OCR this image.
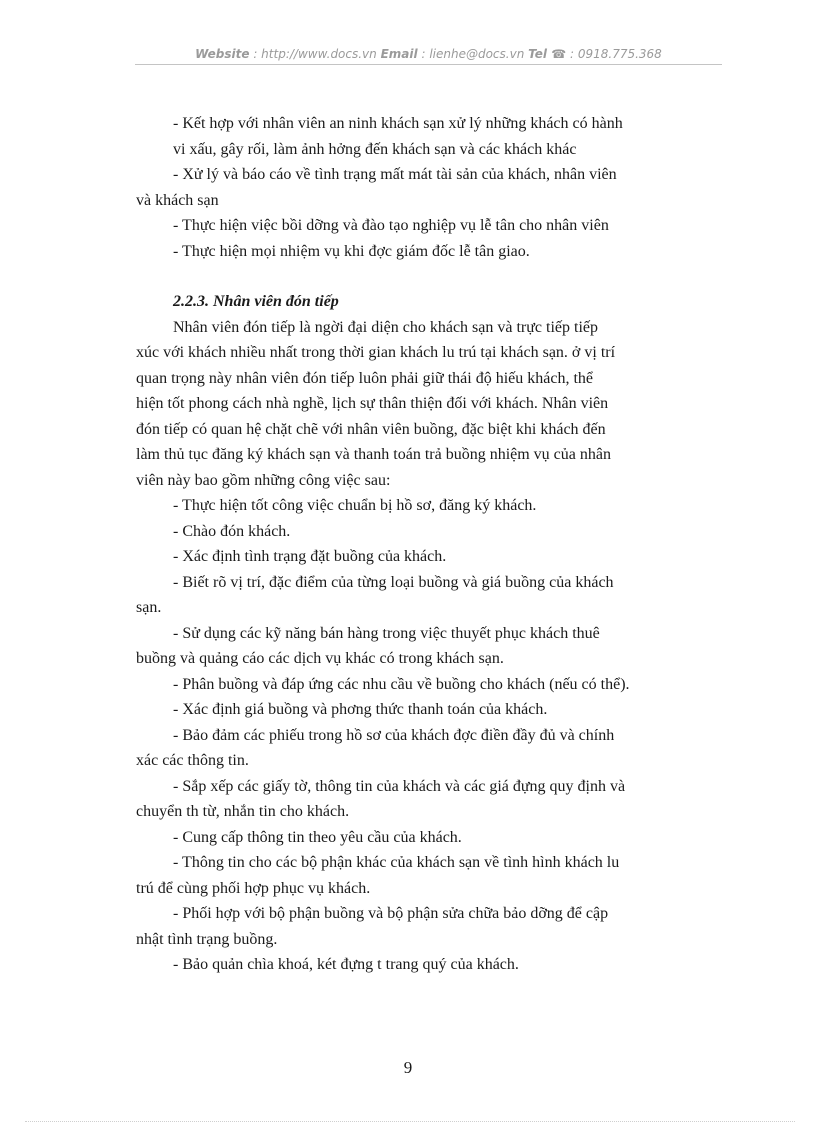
Website : http://www.docs.vn Email : lienhe@docs.vn Tel ☎ : 0918.775.368
- Kết hợp với nhân viên an ninh khách sạn xử lý những khách có hành
vi xấu, gây rối, làm ảnh hởng đến khách sạn và các khách khác
- Xử lý và báo cáo về tình trạng mất mát tài sản của khách, nhân viên
và khách sạn
- Thực hiện việc bồi dỡng và đào tạo nghiệp vụ lễ tân cho nhân viên
- Thực hiện mọi nhiệm vụ khi đợc giám đốc lễ tân giao.
2.2.3. Nhân viên đón tiếp
Nhân viên đón tiếp là ngời đại diện cho khách sạn và trực tiếp tiếp
xúc với khách nhiều nhất trong thời gian khách lu trú tại khách sạn. ở vị trí
quan trọng này nhân viên đón tiếp luôn phải giữ thái độ hiếu khách, thể
hiện tốt phong cách nhà nghề, lịch sự thân thiện đối với khách. Nhân viên
đón tiếp có quan hệ chặt chẽ với nhân viên buồng, đặc biệt khi khách đến
làm thủ tục đăng ký khách sạn và thanh toán trả buồng nhiệm vụ của nhân
viên này bao gồm những công việc sau:
- Thực hiện tốt công việc chuẩn bị hồ sơ, đăng ký khách.
- Chào đón khách.
- Xác định tình trạng đặt buồng của khách.
- Biết rõ vị trí, đặc điểm của từng loại buồng và giá buồng của khách
sạn.
- Sử dụng các kỹ năng bán hàng trong việc thuyết phục khách thuê
buồng và quảng cáo các dịch vụ khác có trong khách sạn.
- Phân buồng và đáp ứng các nhu cầu về buồng cho khách (nếu có thể).
- Xác định giá buồng và phơng thức thanh toán của khách.
- Bảo đảm các phiếu trong hồ sơ của khách đợc điền đầy đủ và chính
xác các thông tin.
- Sắp xếp các giấy tờ, thông tin của khách và các giá đựng quy định và
chuyển th từ, nhắn tin cho khách.
- Cung cấp thông tin theo yêu cầu của khách.
- Thông tin cho các bộ phận khác của khách sạn về tình hình khách lu
trú để cùng phối hợp phục vụ khách.
- Phối hợp với bộ phận buồng và bộ phận sửa chữa bảo dỡng để cập
nhật tình trạng buồng.
- Bảo quản chìa khoá, két đựng t trang quý của khách.
9
